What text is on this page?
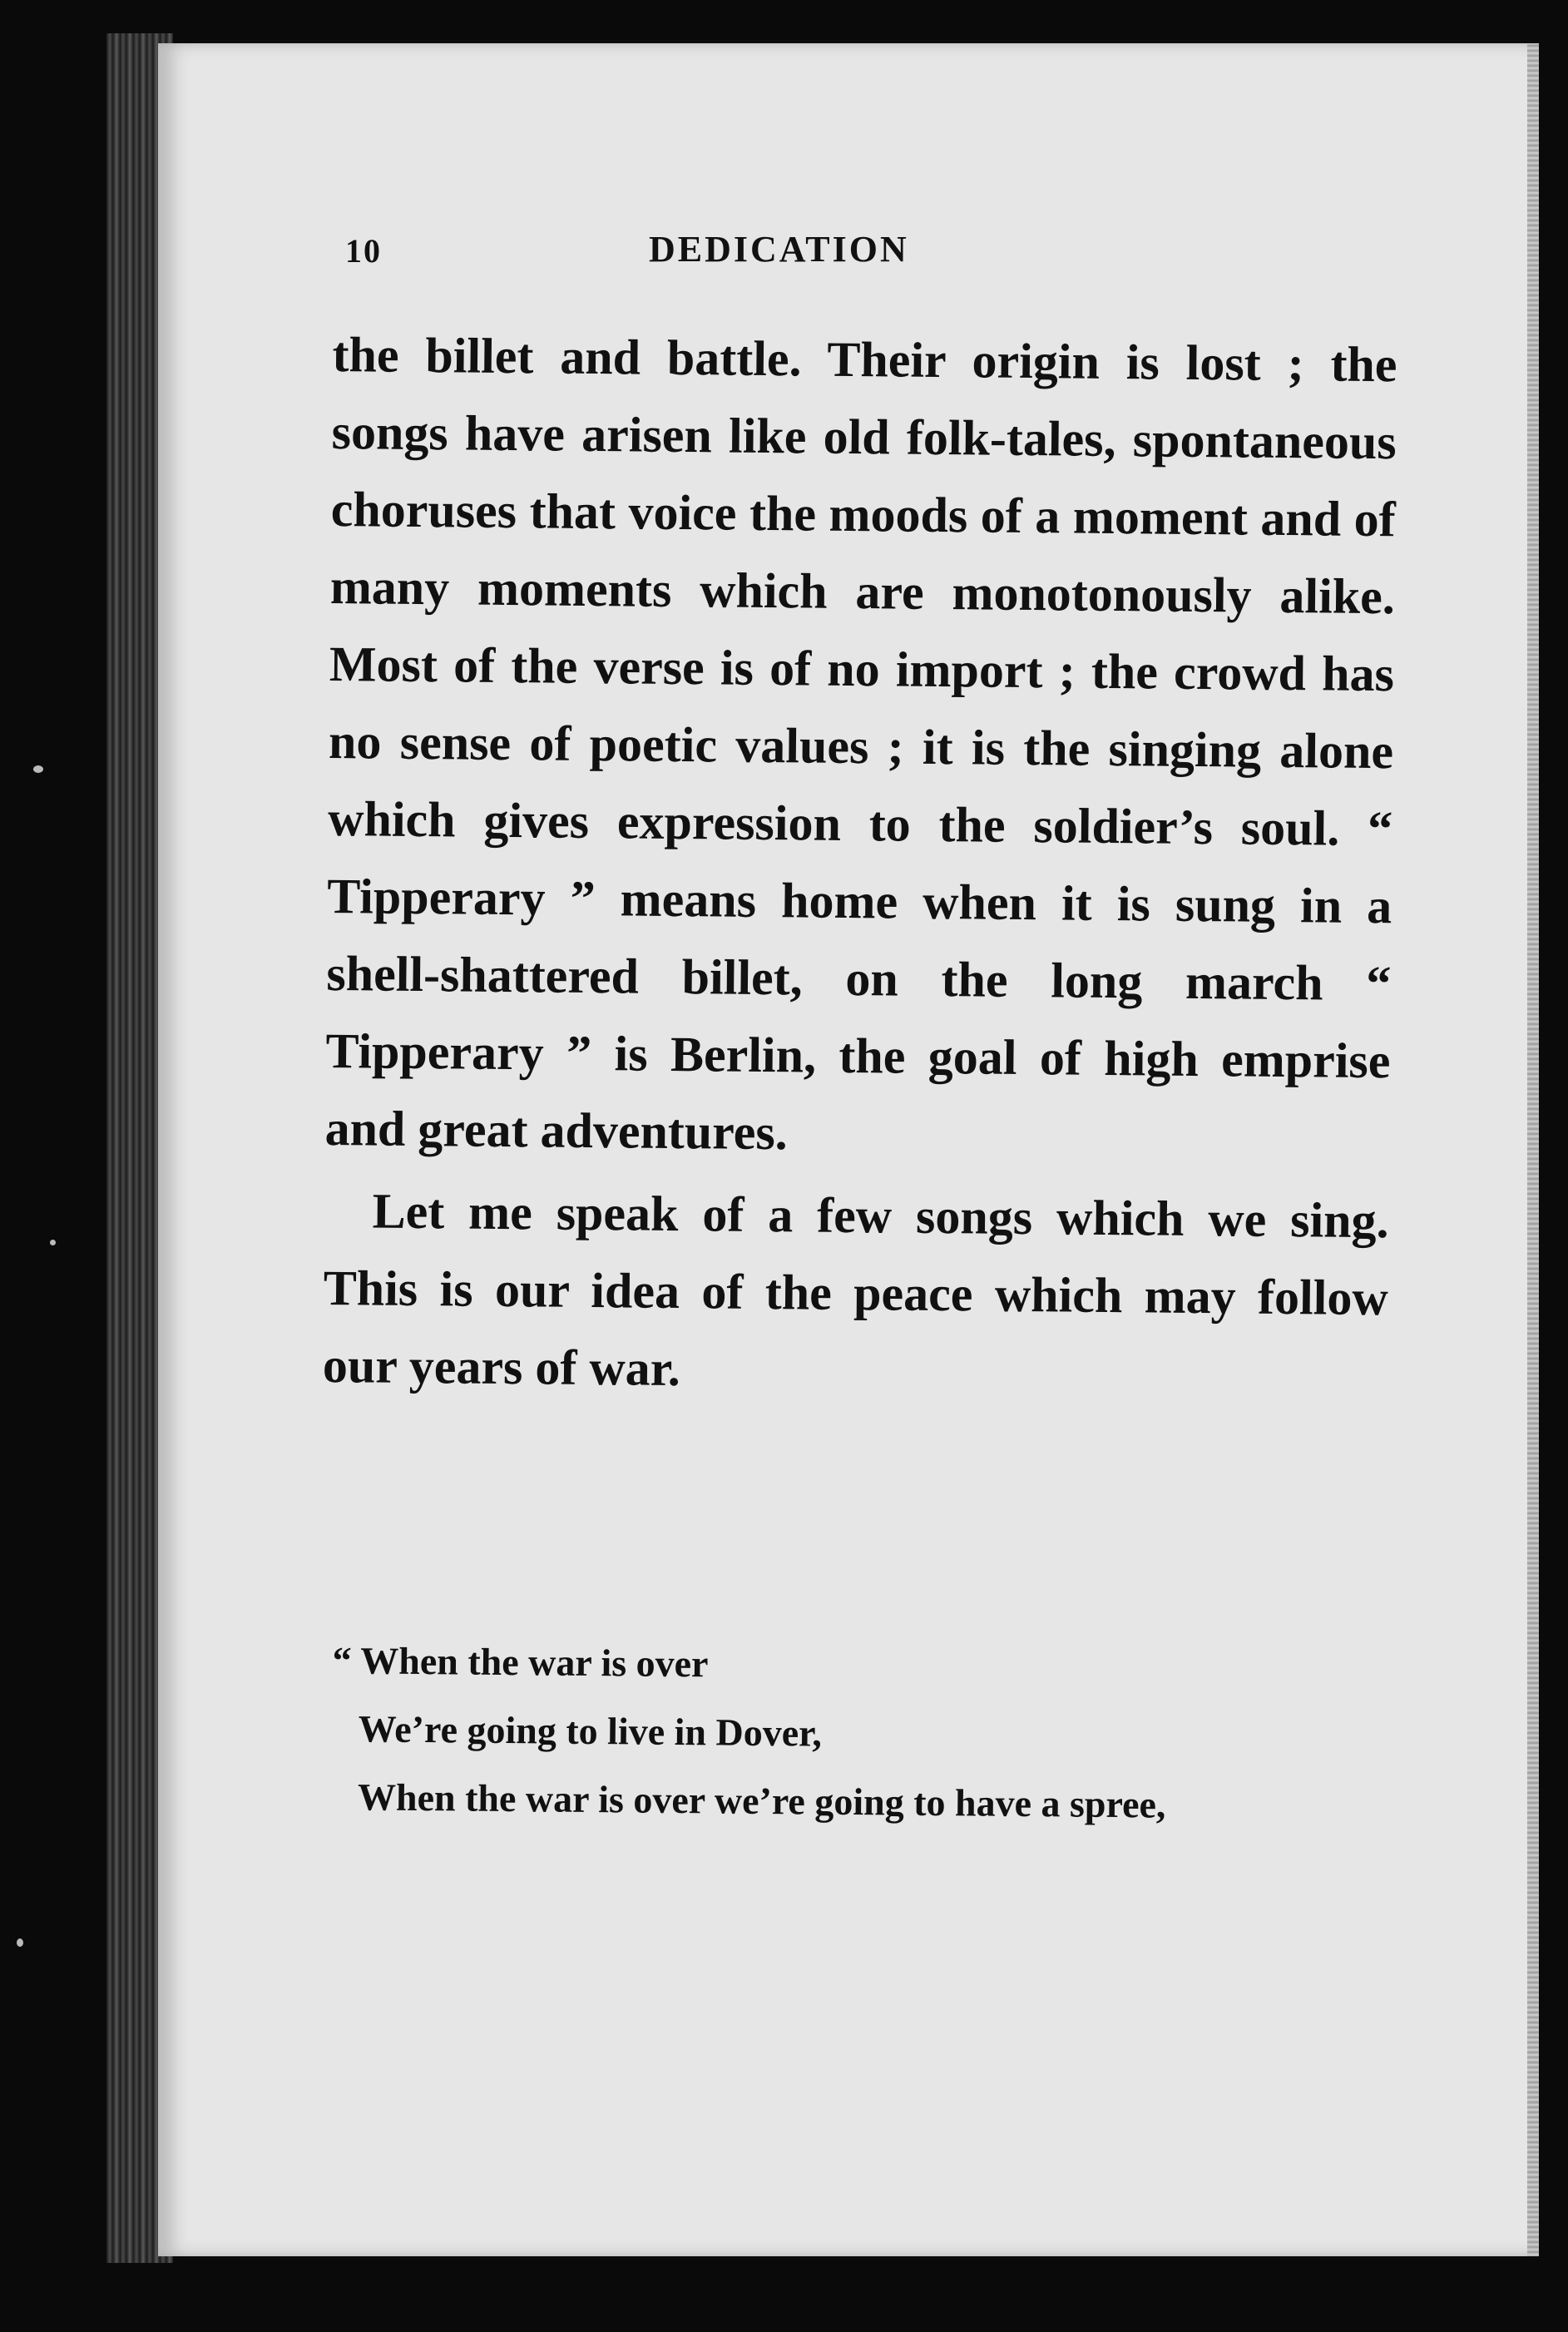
10	DEDICATION

the billet and battle. Their origin is lost ; the songs have arisen like old folk-tales, spontaneous choruses that voice the moods of a moment and of many moments which are monotonously alike. Most of the verse is of no import ; the crowd has no sense of poetic values ; it is the singing alone which gives expression to the soldier’s soul. “ Tipperary ” means home when it is sung in a shell-shattered billet, on the long march “ Tipperary ” is Berlin, the goal of high emprise and great adventures.

Let me speak of a few songs which we sing. This is our idea of the peace which may follow our years of war.

“ When the war is over
We’re going to live in Dover,
When the war is over we’re going to have a spree,
